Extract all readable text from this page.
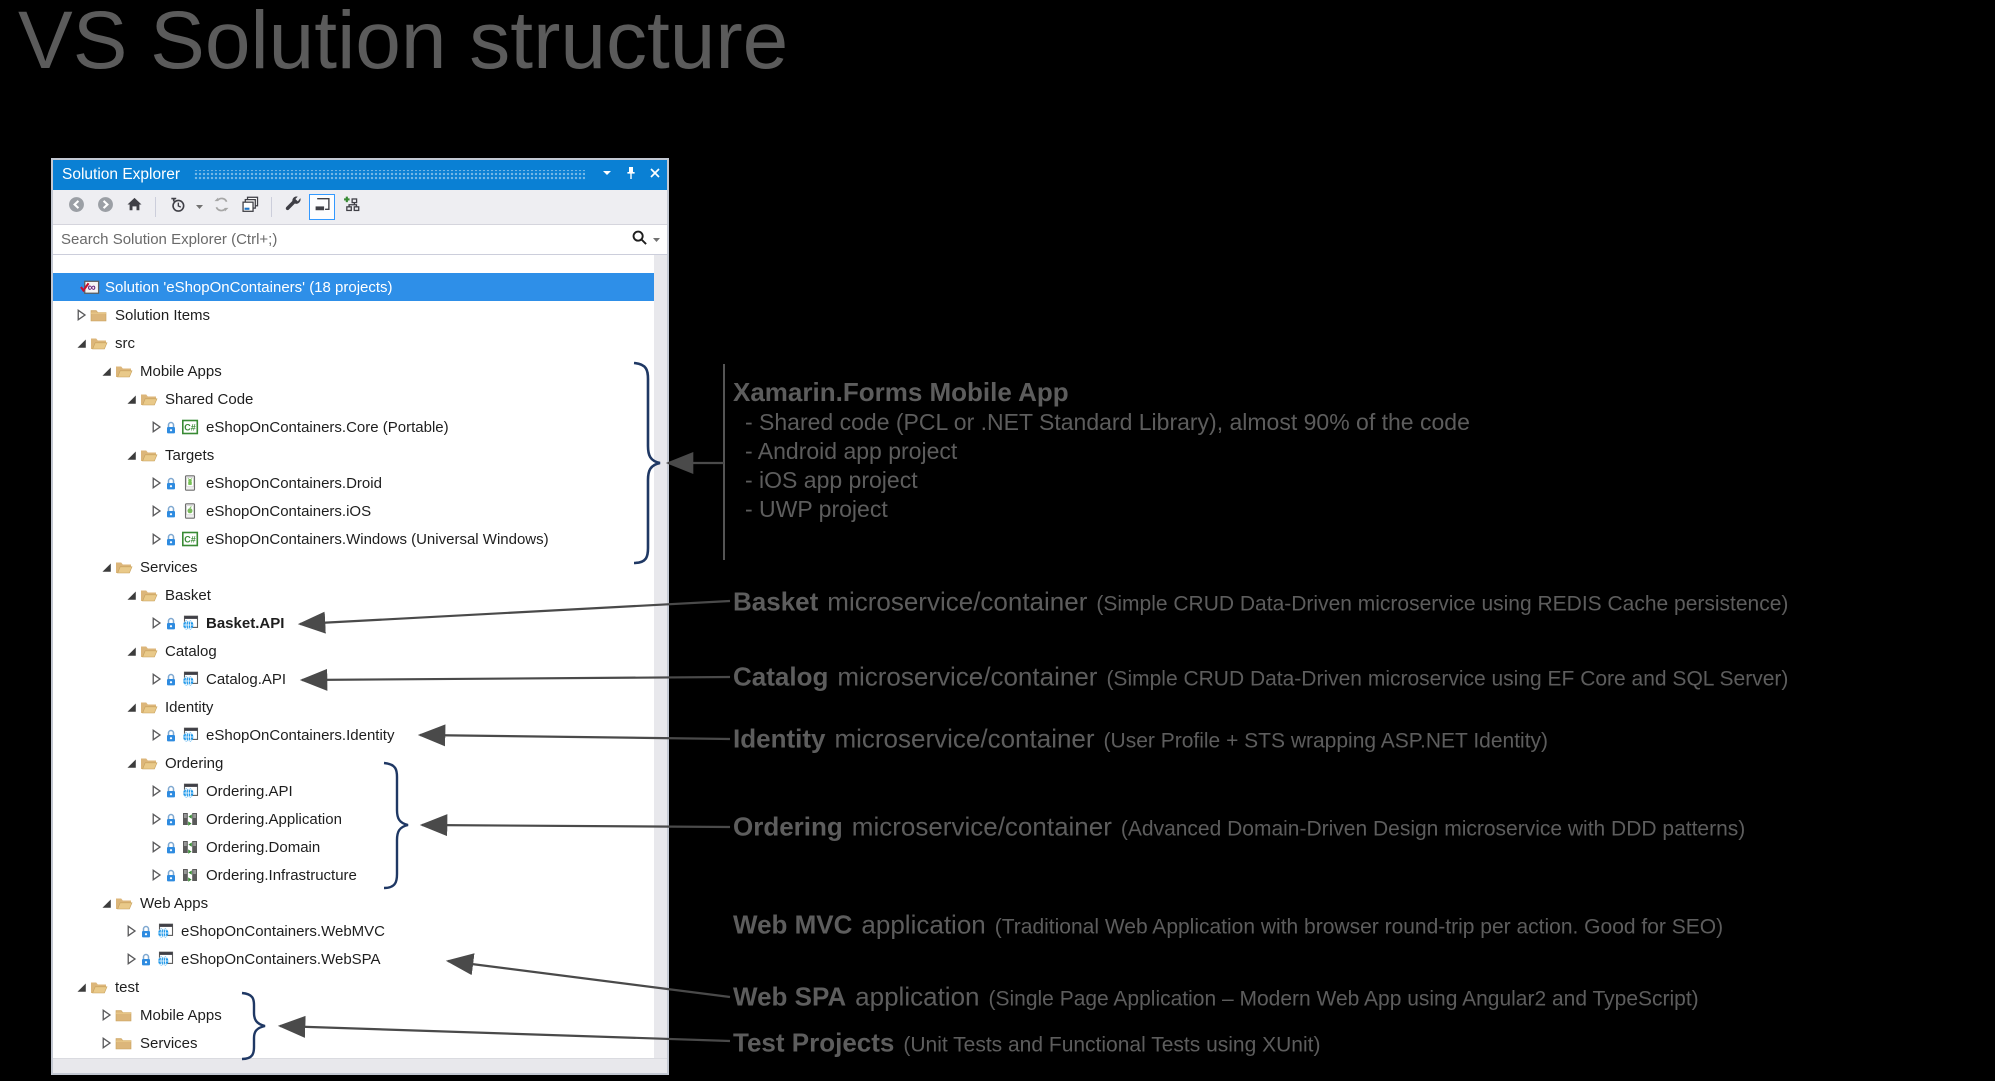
VS Solution structure
Solution Explorer
Search Solution Explorer (Ctrl+;)
∞ Solution 'eShopOnContainers' (18 projects)
Solution Items
src
Mobile Apps
Shared Code
C# eShopOnContainers.Core (Portable)
Targets
eShopOnContainers.Droid
eShopOnContainers.iOS
C# eShopOnContainers.Windows (Universal Windows)
Services
Basket
Basket.API
Catalog
Catalog.API
Identity
eShopOnContainers.Identity
Ordering
Ordering.API
Ordering.Application
Ordering.Domain
Ordering.Infrastructure
Web Apps
eShopOnContainers.WebMVC
eShopOnContainers.WebSPA
test
Mobile Apps
Services
Xamarin.Forms Mobile App
- Shared code (PCL or .NET Standard Library), almost 90% of the code
- Android app project
- iOS app project
- UWP project
Basket microservice/container (Simple CRUD Data-Driven microservice using REDIS Cache persistence)
Catalog microservice/container (Simple CRUD Data-Driven microservice using EF Core and SQL Server)
Identity microservice/container (User Profile + STS wrapping ASP.NET Identity)
Ordering microservice/container (Advanced Domain-Driven Design microservice with DDD patterns)
Web MVC application (Traditional Web Application with browser round-trip per action. Good for SEO)
Web SPA application (Single Page Application – Modern Web App using Angular2 and TypeScript)
Test Projects (Unit Tests and Functional Tests using XUnit)
